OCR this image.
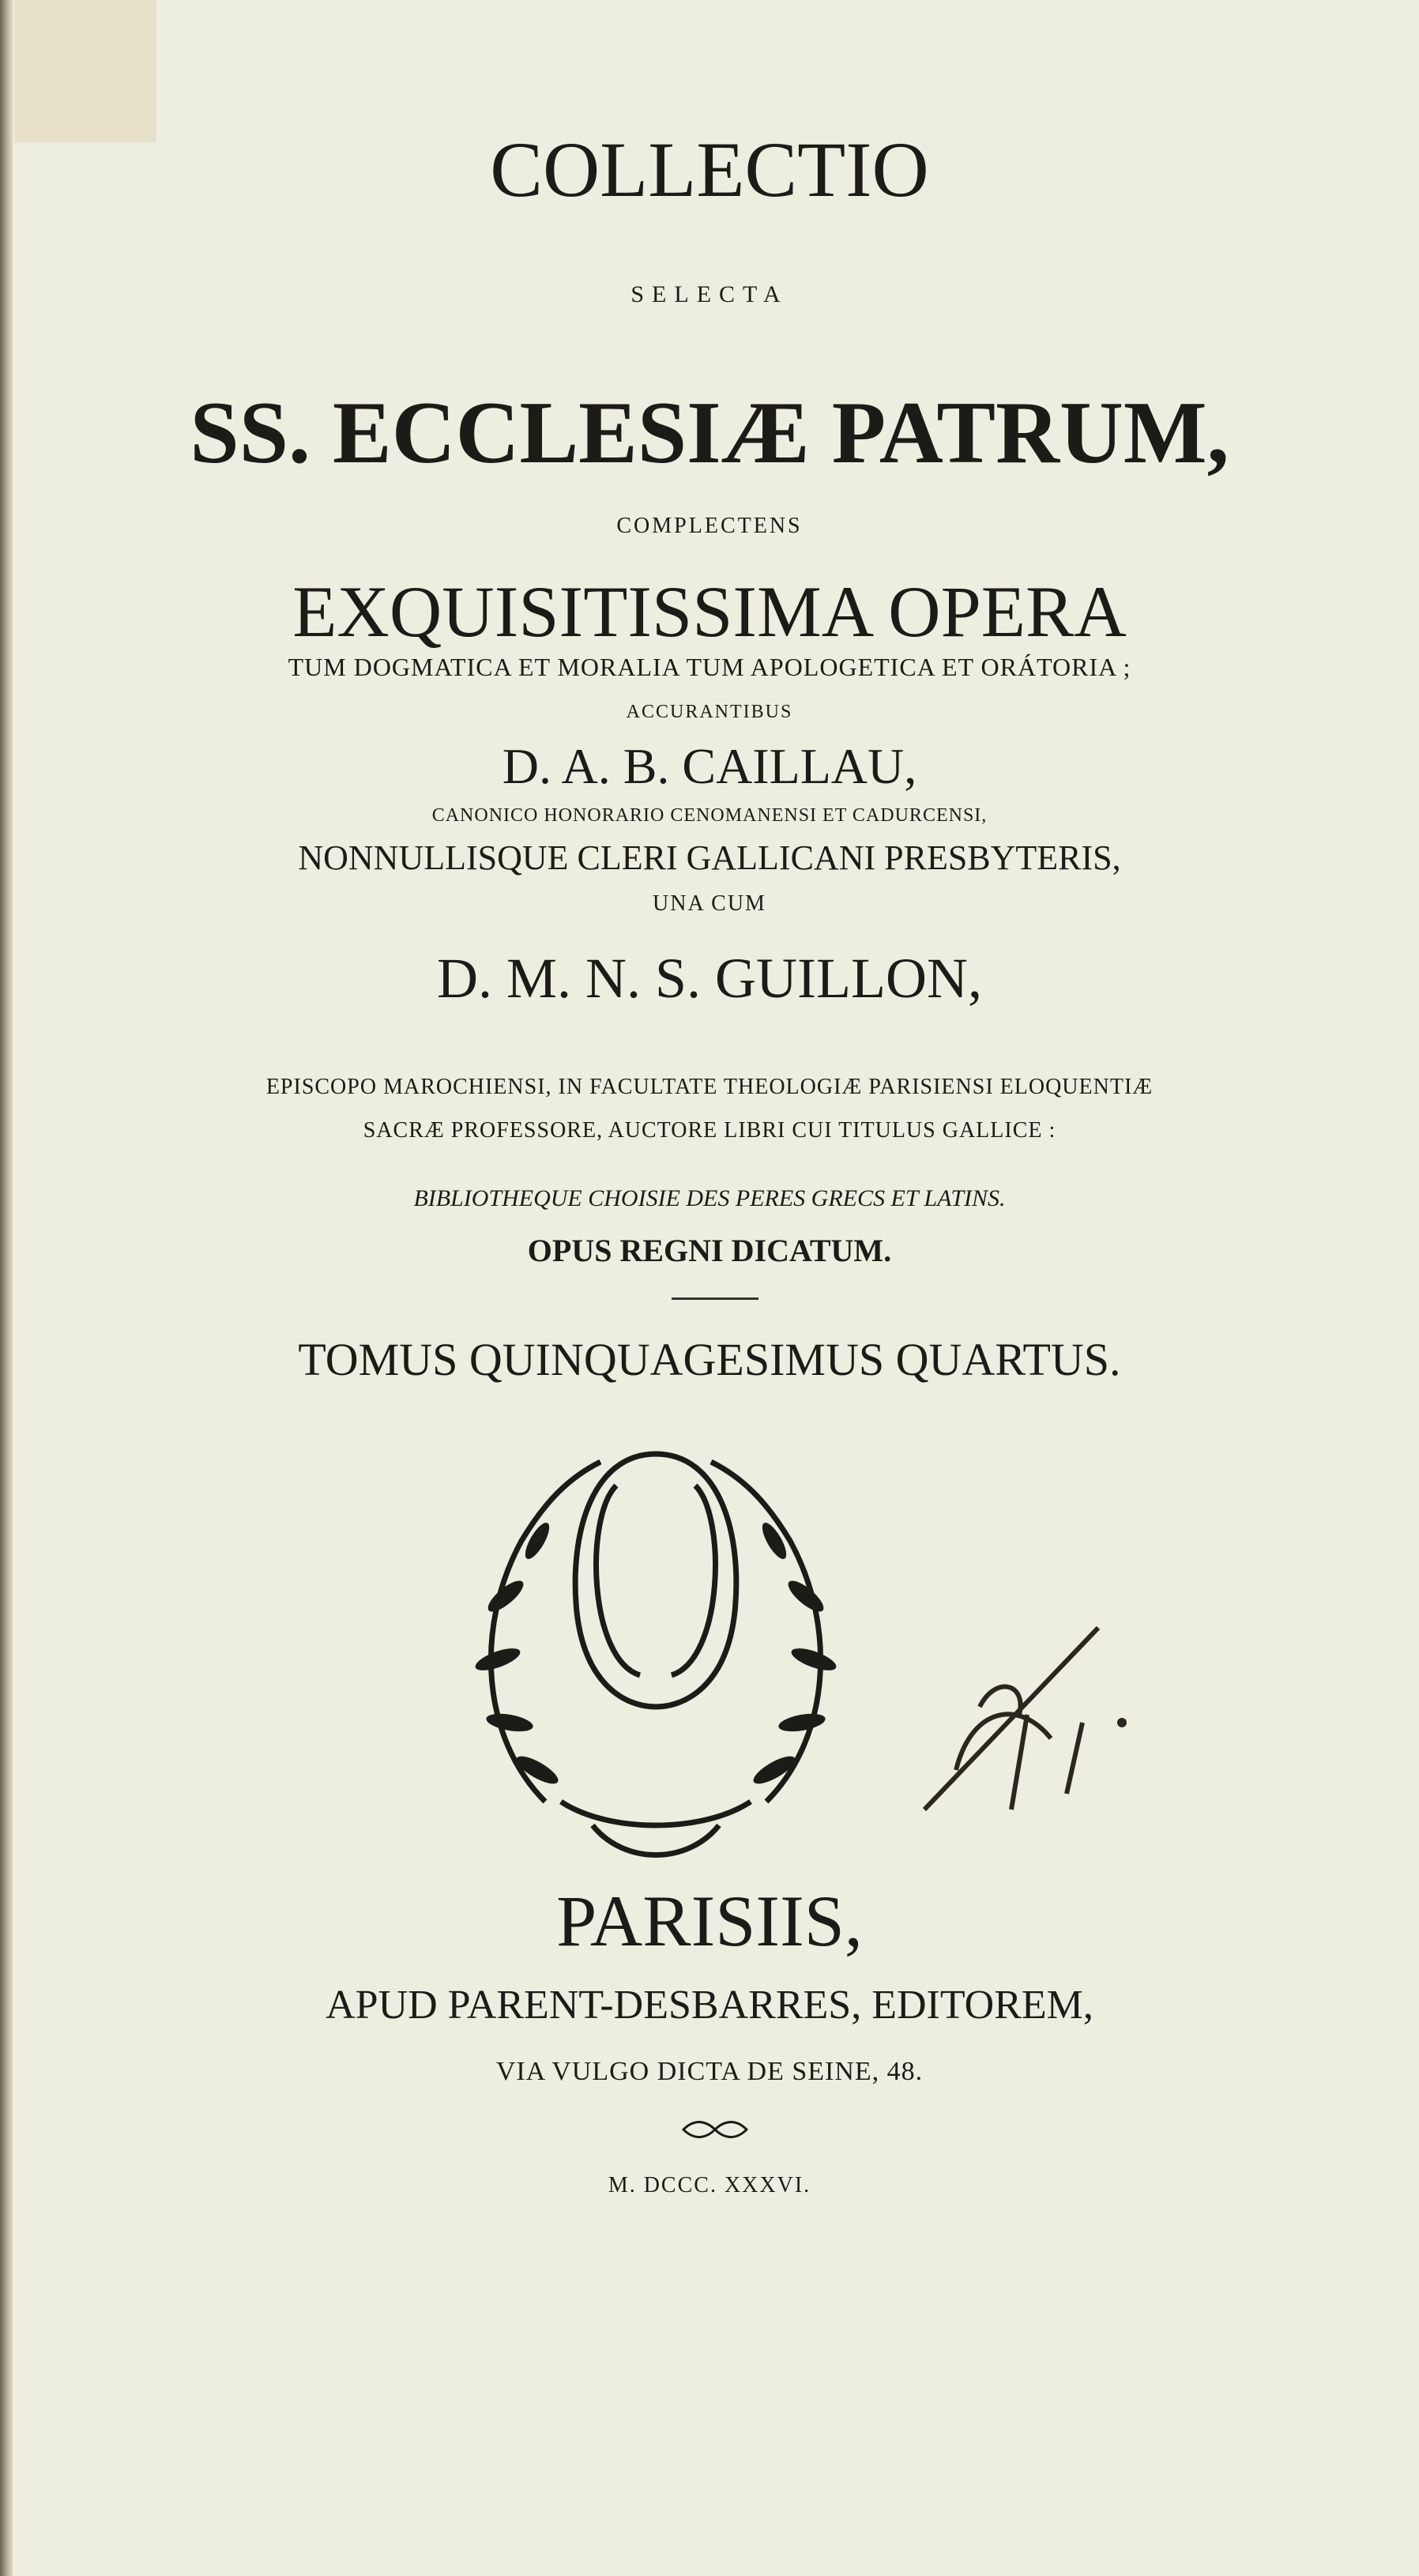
COLLECTIO
SELECTA
SS. ECCLESIÆ PATRUM,
COMPLECTENS
EXQUISITISSIMA OPERA
TUM DOGMATICA ET MORALIA TUM APOLOGETICA ET ORÁTORIA ;
ACCURANTIBUS
D. A. B. CAILLAU,
CANONICO HONORARIO CENOMANENSI ET CADURCENSI,
NONNULLISQUE CLERI GALLICANI PRESBYTERIS,
UNA CUM
D. M. N. S. GUILLON,
EPISCOPO MAROCHIENSI, IN FACULTATE THEOLOGIÆ PARISIENSI ELOQUENTIÆ
SACRÆ PROFESSORE, AUCTORE LIBRI CUI TITULUS GALLICE :
BIBLIOTHEQUE CHOISIE DES PERES GRECS ET LATINS.
OPUS REGNI DICATUM.
TOMUS QUINQUAGESIMUS QUARTUS.
PARISIIS,
APUD PARENT-DESBARRES, EDITOREM,
VIA VULGO DICTA DE SEINE, 48.
M. DCCC. XXXVI.
